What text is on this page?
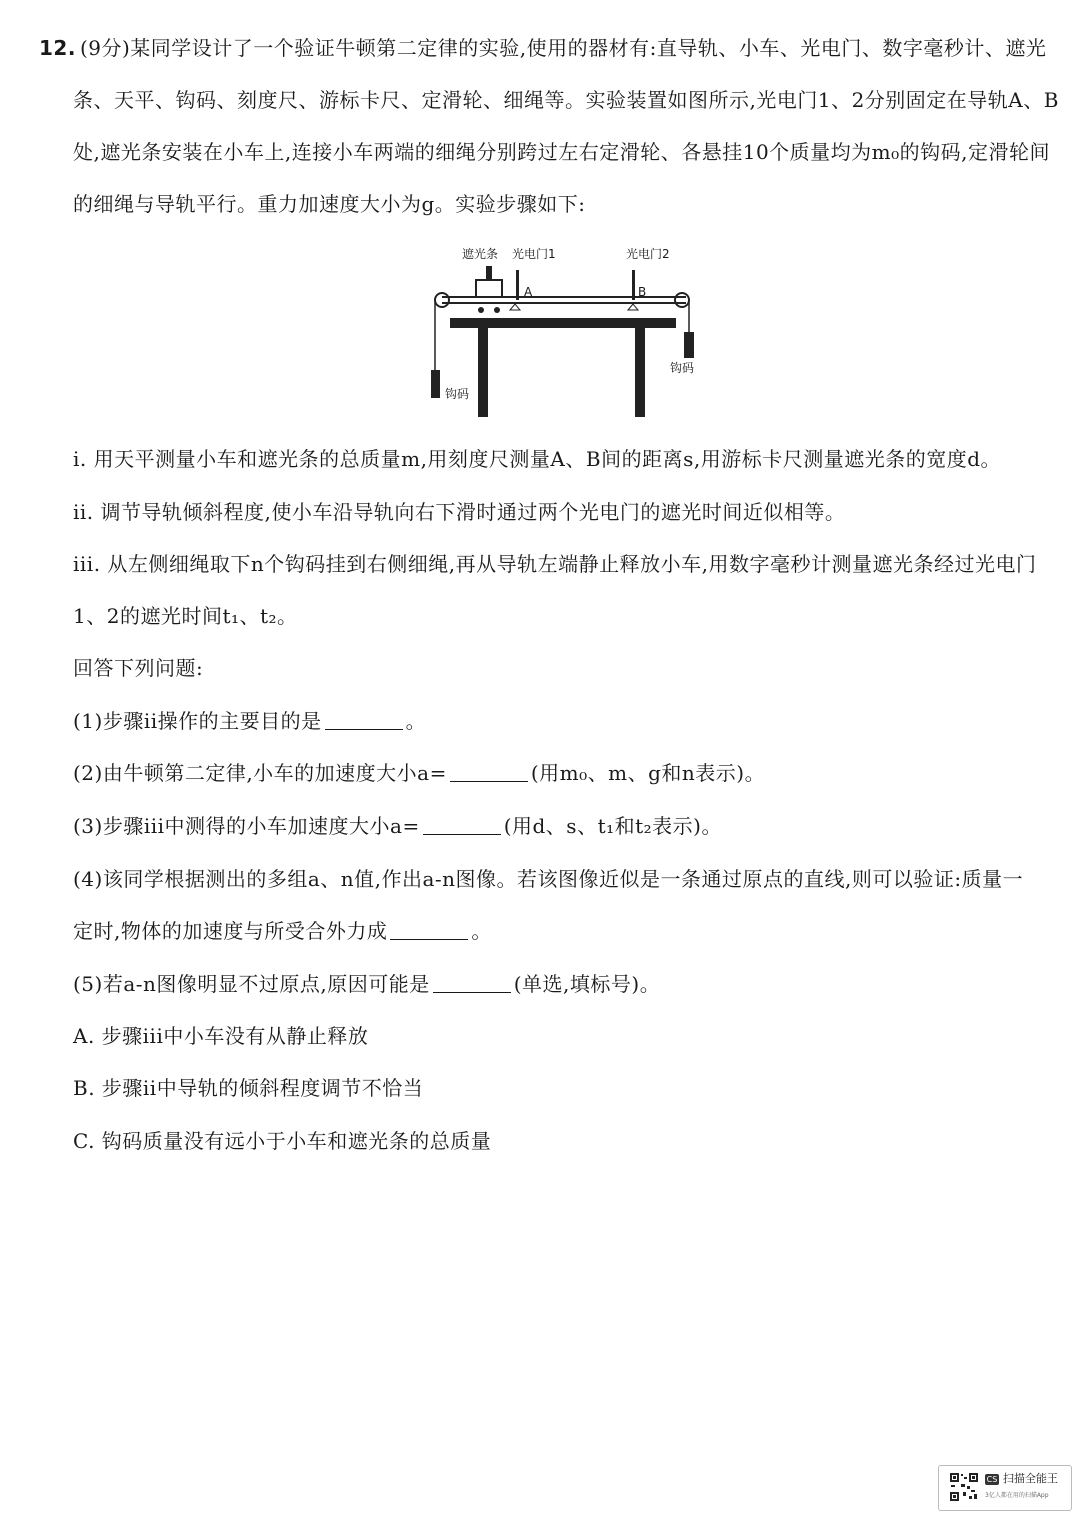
12. (9分)某同学设计了一个验证牛顿第二定律的实验,使用的器材有:直导轨、小车、光电门、数字毫秒计、遮光条、天平、钩码、刻度尺、游标卡尺、定滑轮、细绳等。实验装置如图所示,光电门1、2分别固定在导轨A、B处,遮光条安装在小车上,连接小车两端的细绳分别跨过左右定滑轮、各悬挂10个质量均为m₀的钩码,定滑轮间的细绳与导轨平行。重力加速度大小为g。实验步骤如下:
遮光条 光电门1	光电门2
钩码
钩码
A	B
i. 用天平测量小车和遮光条的总质量m,用刻度尺测量A、B间的距离s,用游标卡尺测量遮光条的宽度d。
ii. 调节导轨倾斜程度,使小车沿导轨向右下滑时通过两个光电门的遮光时间近似相等。
iii. 从左侧细绳取下n个钩码挂到右侧细绳,再从导轨左端静止释放小车,用数字毫秒计测量遮光条经过光电门
1、2的遮光时间t₁、t₂。
回答下列问题:
(1)步骤ii操作的主要目的是	。
(2)由牛顿第二定律,小车的加速度大小a=	(用m₀、m、g和n表示)。
(3)步骤iii中测得的小车加速度大小a=	(用d、s、t₁和t₂表示)。
(4)该同学根据测出的多组a、n值,作出a-n图像。若该图像近似是一条通过原点的直线,则可以验证:质量一
定时,物体的加速度与所受合外力成	。
(5)若a-n图像明显不过原点,原因可能是	(单选,填标号)。
A. 步骤iii中小车没有从静止释放
B. 步骤ii中导轨的倾斜程度调节不恰当
C. 钩码质量没有远小于小车和遮光条的总质量
CS 扫描全能王
3亿人都在用的扫描App
